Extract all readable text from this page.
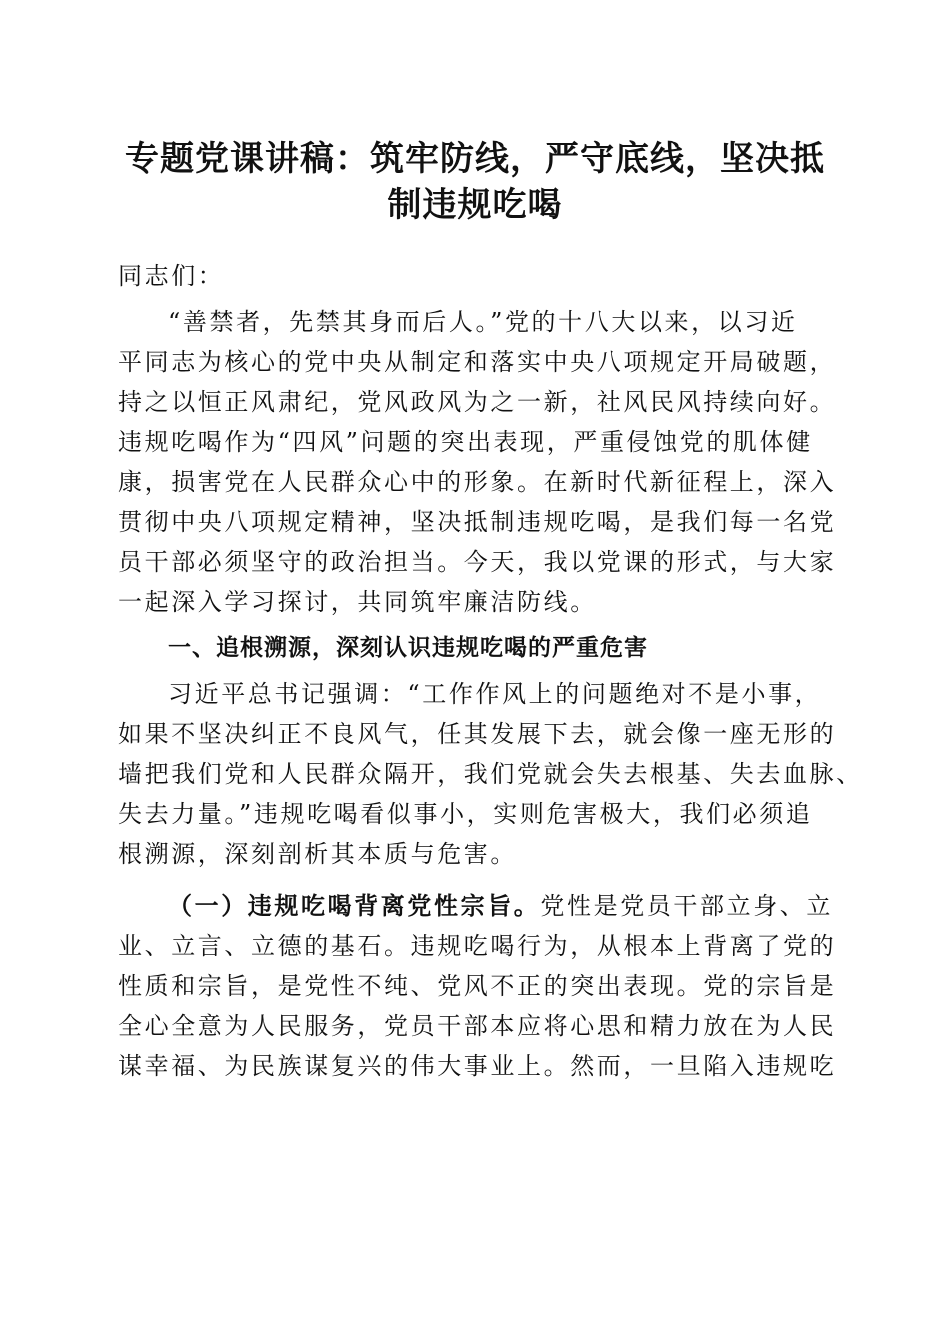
专题党课讲稿：筑牢防线，严守底线，坚决抵
制违规吃喝
同志们：
“善禁者，先禁其身而后人。”党的十八大以来，以习近
平同志为核心的党中央从制定和落实中央八项规定开局破题，
持之以恒正风肃纪，党风政风为之一新，社风民风持续向好。
违规吃喝作为“四风”问题的突出表现，严重侵蚀党的肌体健
康，损害党在人民群众心中的形象。在新时代新征程上，深入
贯彻中央八项规定精神，坚决抵制违规吃喝，是我们每一名党
员干部必须坚守的政治担当。今天，我以党课的形式，与大家
一起深入学习探讨，共同筑牢廉洁防线。
一、追根溯源，深刻认识违规吃喝的严重危害
习近平总书记强调：“工作作风上的问题绝对不是小事，
如果不坚决纠正不良风气，任其发展下去，就会像一座无形的
墙把我们党和人民群众隔开，我们党就会失去根基、失去血脉、
失去力量。”违规吃喝看似事小，实则危害极大，我们必须追
根溯源，深刻剖析其本质与危害。
（一）违规吃喝背离党性宗旨。党性是党员干部立身、立
业、立言、立德的基石。违规吃喝行为，从根本上背离了党的
性质和宗旨，是党性不纯、党风不正的突出表现。党的宗旨是
全心全意为人民服务，党员干部本应将心思和精力放在为人民
谋幸福、为民族谋复兴的伟大事业上。然而，一旦陷入违规吃
